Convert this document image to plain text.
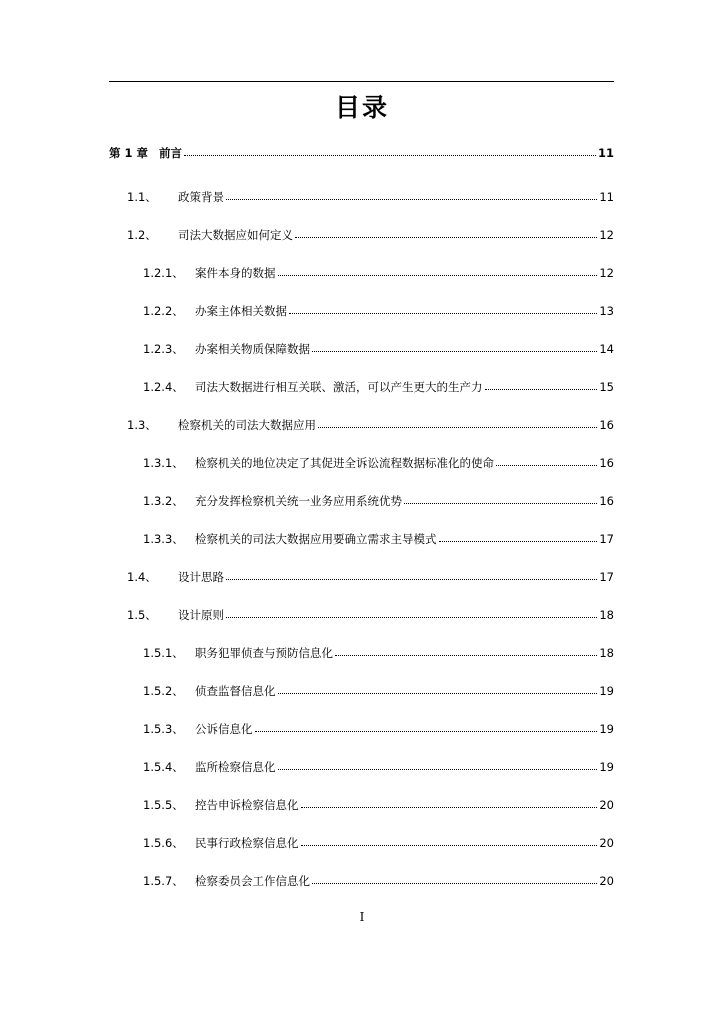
目录
第 1 章 前言	11
1.1、	政策背景	11
1.2、	司法大数据应如何定义	12
1.2.1、 案件本身的数据	12
1.2.2、 办案主体相关数据	13
1.2.3、 办案相关物质保障数据	14
1.2.4、 司法大数据进行相互关联、激活，可以产生更大的生产力	15
1.3、	检察机关的司法大数据应用	16
1.3.1、 检察机关的地位决定了其促进全诉讼流程数据标准化的使命	16
1.3.2、 充分发挥检察机关统一业务应用系统优势	16
1.3.3、 检察机关的司法大数据应用要确立需求主导模式	17
1.4、	设计思路	17
1.5、	设计原则	18
1.5.1、 职务犯罪侦查与预防信息化	18
1.5.2、 侦查监督信息化	19
1.5.3、 公诉信息化	19
1.5.4、 监所检察信息化	19
1.5.5、 控告申诉检察信息化	20
1.5.6、 民事行政检察信息化	20
1.5.7、 检察委员会工作信息化	20
I
